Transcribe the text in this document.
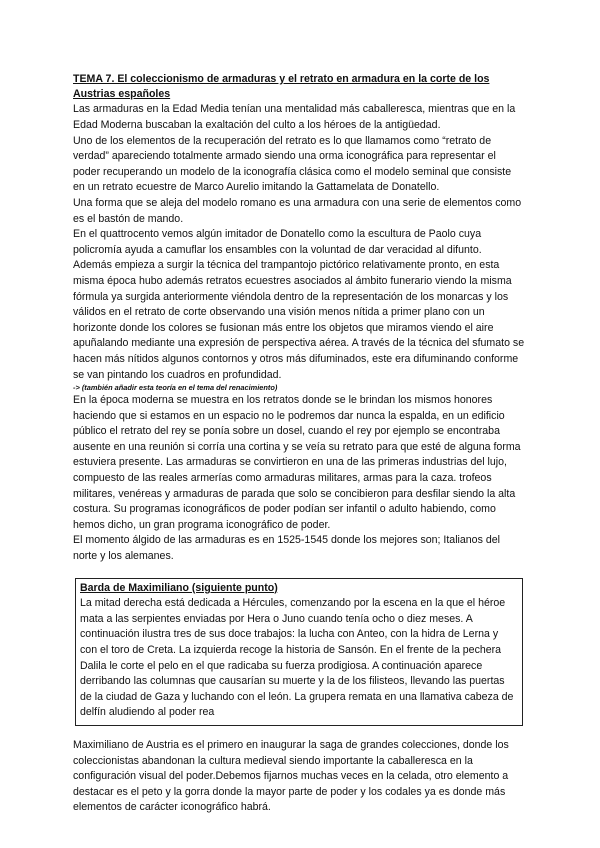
TEMA 7. El coleccionismo de armaduras y el retrato en armadura en la corte de los Austrias españoles

Las armaduras en la Edad Media tenían una mentalidad más caballeresca, mientras que en la Edad Moderna buscaban la exaltación del culto a los héroes de la antigüedad.

Uno de los elementos de la recuperación del retrato es lo que llamamos como “retrato de verdad” apareciendo totalmente armado siendo una orma iconográfica para representar el poder recuperando un modelo de la iconografía clásica como el modelo seminal que consiste en un retrato ecuestre de Marco Aurelio imitando la Gattamelata de Donatello.

Una forma que se aleja del modelo romano es una armadura con una serie de elementos como es el bastón de mando.

En el quattrocento vemos algún imitador de Donatello como la escultura de Paolo cuya policromía ayuda a camuflar los ensambles con la voluntad de dar veracidad al difunto.

Además empieza a surgir la técnica del trampantojo pictórico relativamente pronto, en esta misma época hubo además retratos ecuestres asociados al ámbito funerario viendo la misma fórmula ya surgida anteriormente viéndola dentro de la representación de los monarcas y los válidos en el retrato de corte observando una visión menos nítida a primer plano con un horizonte donde los colores se fusionan más entre los objetos que miramos viendo el aire apuñalando mediante una expresión de perspectiva aérea. A través de la técnica del sfumato se hacen más nítidos algunos contornos y otros más difuminados, este era difuminando conforme se van pintando los cuadros en profundidad.

-> (también añadir esta teoría en el tema del renacimiento)

En la época moderna se muestra en los retratos donde se le brindan los mismos honores haciendo que si estamos en un espacio no le podremos dar nunca la espalda, en un edificio público el retrato del rey se ponía sobre un dosel, cuando el rey por ejemplo se encontraba ausente en una reunión si corría una cortina y se veía su retrato para que esté de alguna forma estuviera presente. Las armaduras se convirtieron en una de las primeras industrias del lujo, compuesto de las reales armerías como armaduras militares, armas para la caza. trofeos militares, venéreas y armaduras de parada que solo se concibieron para desfilar siendo la alta costura. Su programas iconográficos de poder podían ser infantil o adulto habiendo, como hemos dicho, un gran programa iconográfico de poder.

El momento álgido de las armaduras es en 1525-1545 donde los mejores son; Italianos del norte y los alemanes.

Barda de Maximiliano (siguiente punto)

La mitad derecha está dedicada a Hércules, comenzando por la escena en la que el héroe mata a las serpientes enviadas por Hera o Juno cuando tenía ocho o diez meses. A continuación ilustra tres de sus doce trabajos: la lucha con Anteo, con la hidra de Lerna y con el toro de Creta. La izquierda recoge la historia de Sansón. En el frente de la pechera Dalila le corte el pelo en el que radicaba su fuerza prodigiosa. A continuación aparece derribando las columnas que causarían su muerte y la de los filisteos, llevando las puertas de la ciudad de Gaza y luchando con el león. La grupera remata en una llamativa cabeza de delfín aludiendo al poder rea

Maximiliano de Austria es el primero en inaugurar la saga de grandes colecciones, donde los coleccionistas abandonan la cultura medieval siendo importante la caballeresca en la configuración visual del poder.Debemos fijarnos muchas veces en la celada, otro elemento a destacar es el peto y la gorra donde la mayor parte de poder y los codales ya es donde más elementos de carácter iconográfico habrá.
